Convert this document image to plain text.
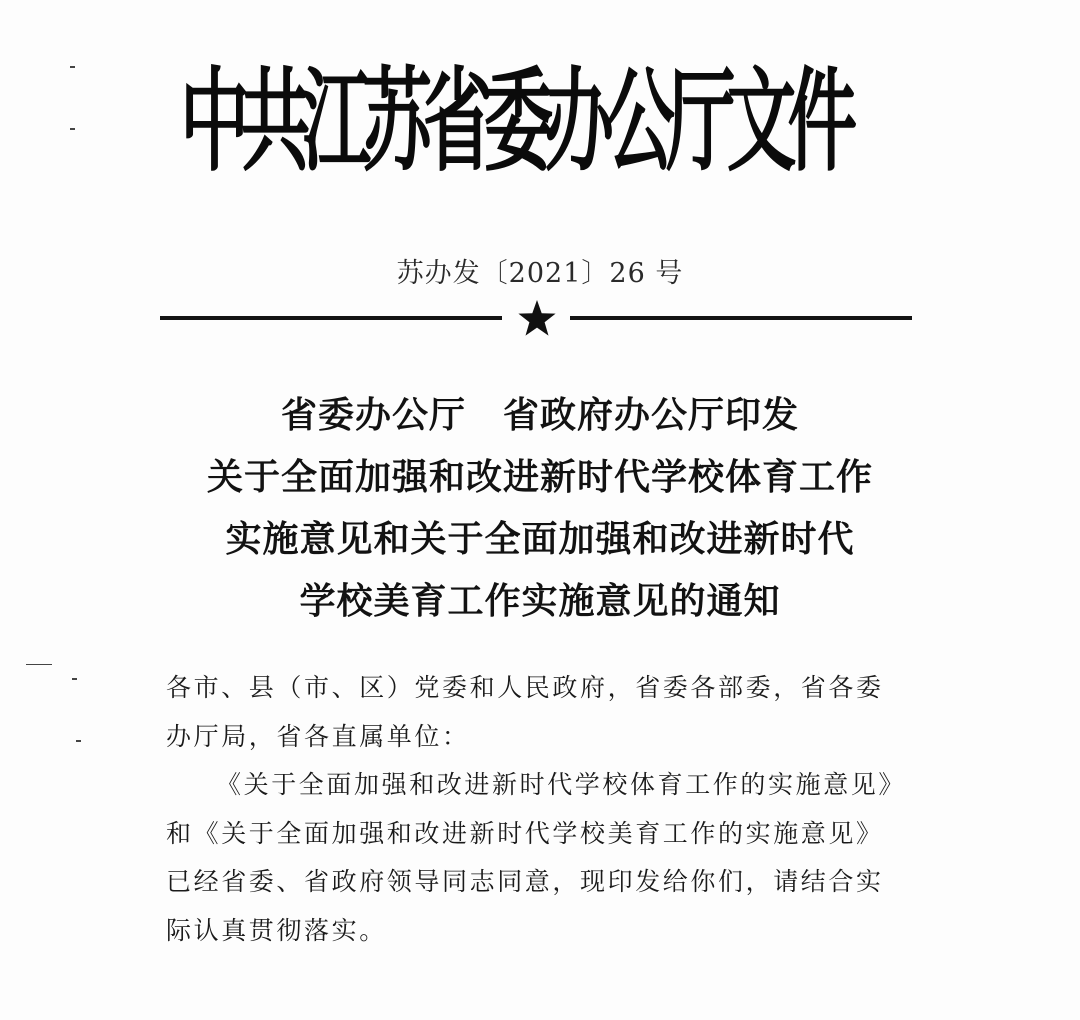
中共江苏省委办公厅文件
苏办发〔2021〕26 号
省委办公厅　省政府办公厅印发
关于全面加强和改进新时代学校体育工作
实施意见和关于全面加强和改进新时代
学校美育工作实施意见的通知
各市、县（市、区）党委和人民政府，省委各部委，省各委
办厅局，省各直属单位：
《关于全面加强和改进新时代学校体育工作的实施意见》
和《关于全面加强和改进新时代学校美育工作的实施意见》
已经省委、省政府领导同志同意，现印发给你们，请结合实
际认真贯彻落实。
